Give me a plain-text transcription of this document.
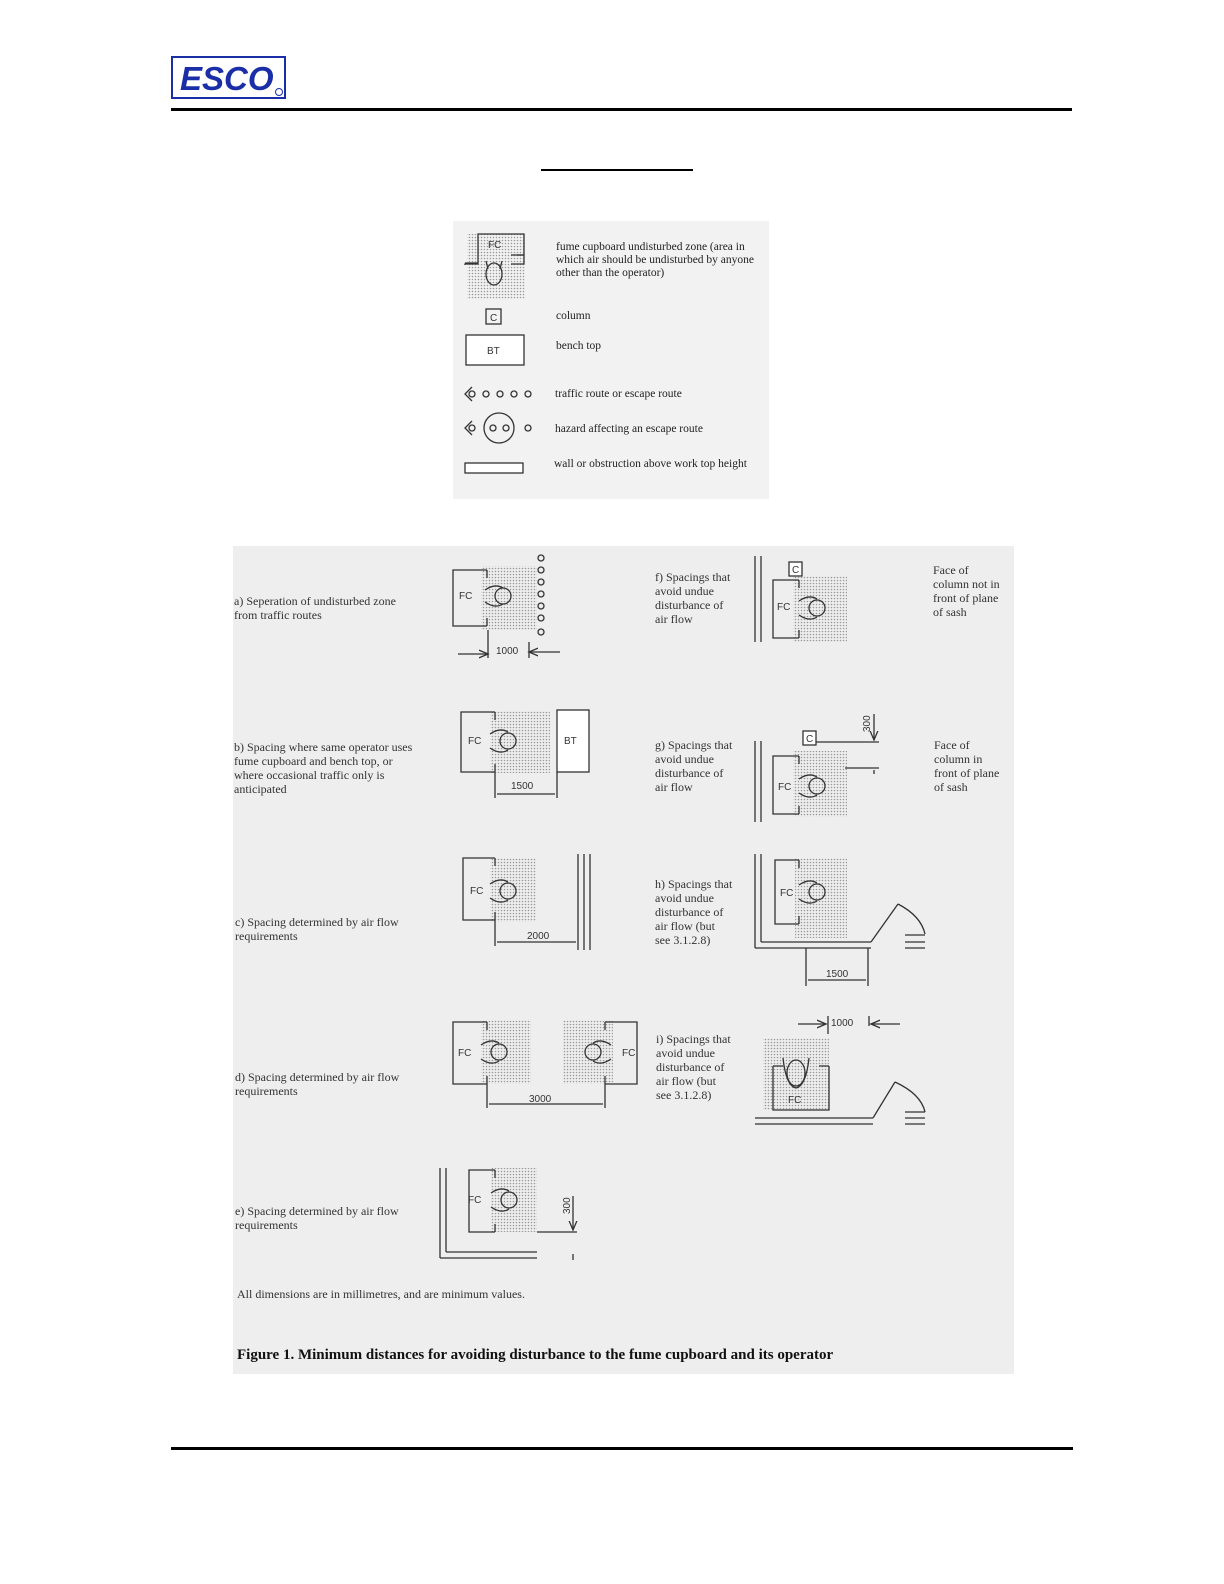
ESCO
FC
C
BT
fume cupboard undisturbed zone (area in which air should be undisturbed by anyone other than the operator)
column
bench top
traffic route or escape route
hazard affecting an escape route
wall or obstruction above work top height
FC
FC	BT
FC
FC	FC
FC
FC
C
FC
C
FC
FC
1000
1500
2000
3000
1500
1000
300
300
a) Seperation of undisturbed zone from traffic routes
b) Spacing where same operator uses fume cupboard and bench top, or where occasional traffic only is anticipated
c) Spacing determined by air flow requirements
d) Spacing determined by air flow requirements
e) Spacing determined by air flow requirements
f) Spacings that avoid undue disturbance of air flow
Face of column not in front of plane of sash
g) Spacings that avoid undue disturbance of air flow
Face of column in front of plane of sash
h) Spacings that avoid undue disturbance of air flow (but see 3.1.2.8)
i) Spacings that avoid undue disturbance of air flow (but see 3.1.2.8)
All dimensions are in millimetres, and are minimum values.
Figure 1. Minimum distances for avoiding disturbance to the fume cupboard and its operator
